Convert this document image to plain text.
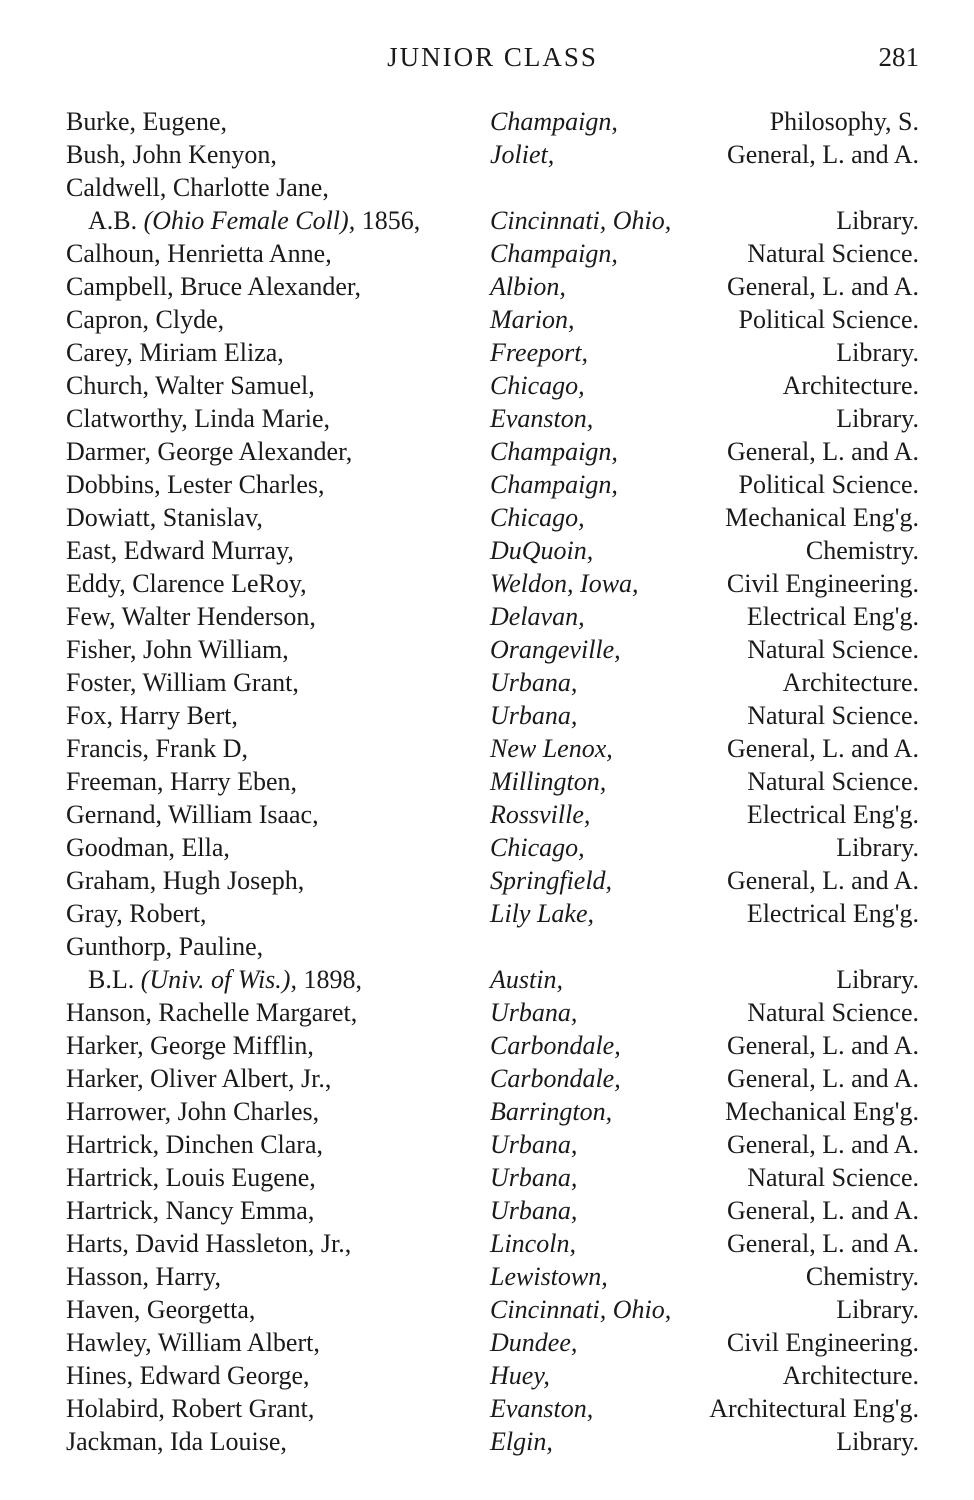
JUNIOR CLASS	281
Burke, Eugene,	Champaign,	Philosophy, S.
Bush, John Kenyon,	Joliet,	General, L. and A.
Caldwell, Charlotte Jane,
A.B. (Ohio Female Coll), 1856,	Cincinnati, Ohio,	Library.
Calhoun, Henrietta Anne,	Champaign,	Natural Science.
Campbell, Bruce Alexander,	Albion,	General, L. and A.
Capron, Clyde,	Marion,	Political Science.
Carey, Miriam Eliza,	Freeport,	Library.
Church, Walter Samuel,	Chicago,	Architecture.
Clatworthy, Linda Marie,	Evanston,	Library.
Darmer, George Alexander,	Champaign,	General, L. and A.
Dobbins, Lester Charles,	Champaign,	Political Science.
Dowiatt, Stanislav,	Chicago,	Mechanical Eng'g.
East, Edward Murray,	DuQuoin,	Chemistry.
Eddy, Clarence LeRoy,	Weldon, Iowa,	Civil Engineering.
Few, Walter Henderson,	Delavan,	Electrical Eng'g.
Fisher, John William,	Orangeville,	Natural Science.
Foster, William Grant,	Urbana,	Architecture.
Fox, Harry Bert,	Urbana,	Natural Science.
Francis, Frank D,	New Lenox,	General, L. and A.
Freeman, Harry Eben,	Millington,	Natural Science.
Gernand, William Isaac,	Rossville,	Electrical Eng'g.
Goodman, Ella,	Chicago,	Library.
Graham, Hugh Joseph,	Springfield,	General, L. and A.
Gray, Robert,	Lily Lake,	Electrical Eng'g.
Gunthorp, Pauline,
B.L. (Univ. of Wis.), 1898,	Austin,	Library.
Hanson, Rachelle Margaret,	Urbana,	Natural Science.
Harker, George Mifflin,	Carbondale,	General, L. and A.
Harker, Oliver Albert, Jr.,	Carbondale,	General, L. and A.
Harrower, John Charles,	Barrington,	Mechanical Eng'g.
Hartrick, Dinchen Clara,	Urbana,	General, L. and A.
Hartrick, Louis Eugene,	Urbana,	Natural Science.
Hartrick, Nancy Emma,	Urbana,	General, L. and A.
Harts, David Hassleton, Jr.,	Lincoln,	General, L. and A.
Hasson, Harry,	Lewistown,	Chemistry.
Haven, Georgetta,	Cincinnati, Ohio,	Library.
Hawley, William Albert,	Dundee,	Civil Engineering.
Hines, Edward George,	Huey,	Architecture.
Holabird, Robert Grant,	Evanston,	Architectural Eng'g.
Jackman, Ida Louise,	Elgin,	Library.
